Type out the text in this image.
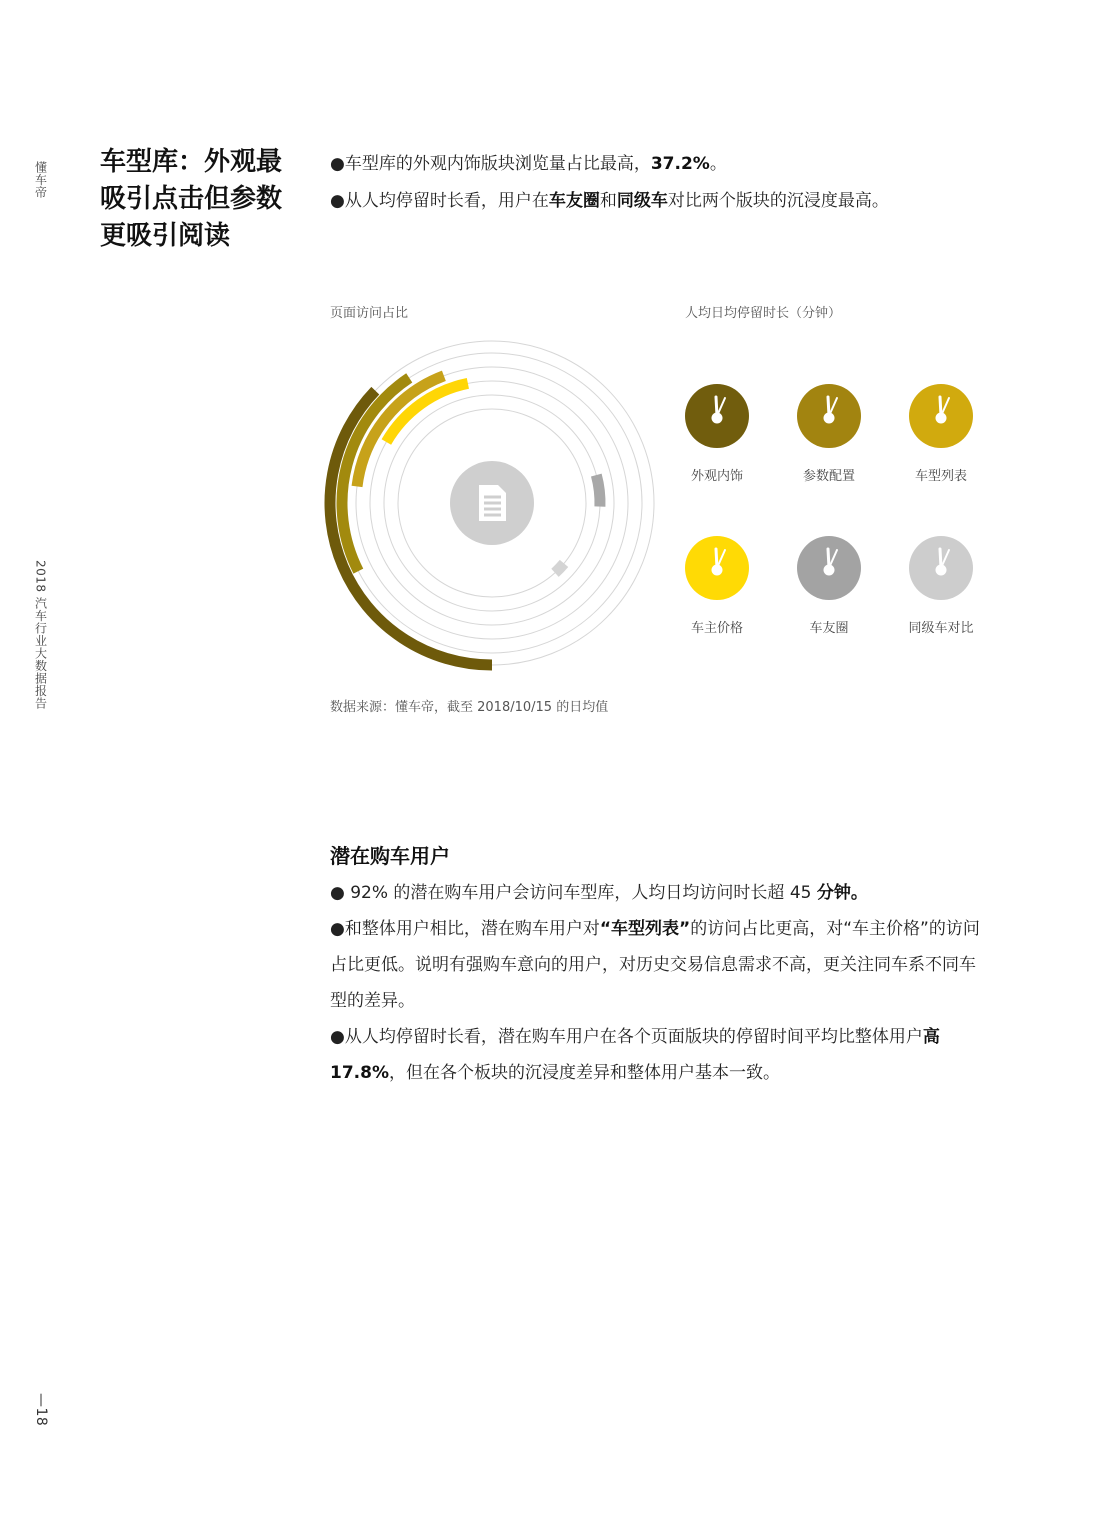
懂车帝
2018 汽车行业大数据报告
—18
车型库：外观最
吸引点击但参数
更吸引阅读

●车型库的外观内饰版块浏览量占比最高，37.2%。

●从人均停留时长看，用户在车友圈和同级车对比两个版块的沉浸度最高。

页面访问占比	人均日均停留时长（分钟）
外观内饰	参数配置	车型列表
车主价格	车友圈	同级车对比
数据来源：懂车帝，截至 2018/10/15 的日均值
潜在购车用户

● 92% 的潜在购车用户会访问车型库，人均日均访问时长超 45 分钟。

●和整体用户相比，潜在购车用户对“车型列表”的访问占比更高，对“车主价格”的访问占比更低。说明有强购车意向的用户，对历史交易信息需求不高，更关注同车系不同车型的差异。

●从人均停留时长看，潜在购车用户在各个页面版块的停留时间平均比整体用户高 17.8%，但在各个板块的沉浸度差异和整体用户基本一致。
